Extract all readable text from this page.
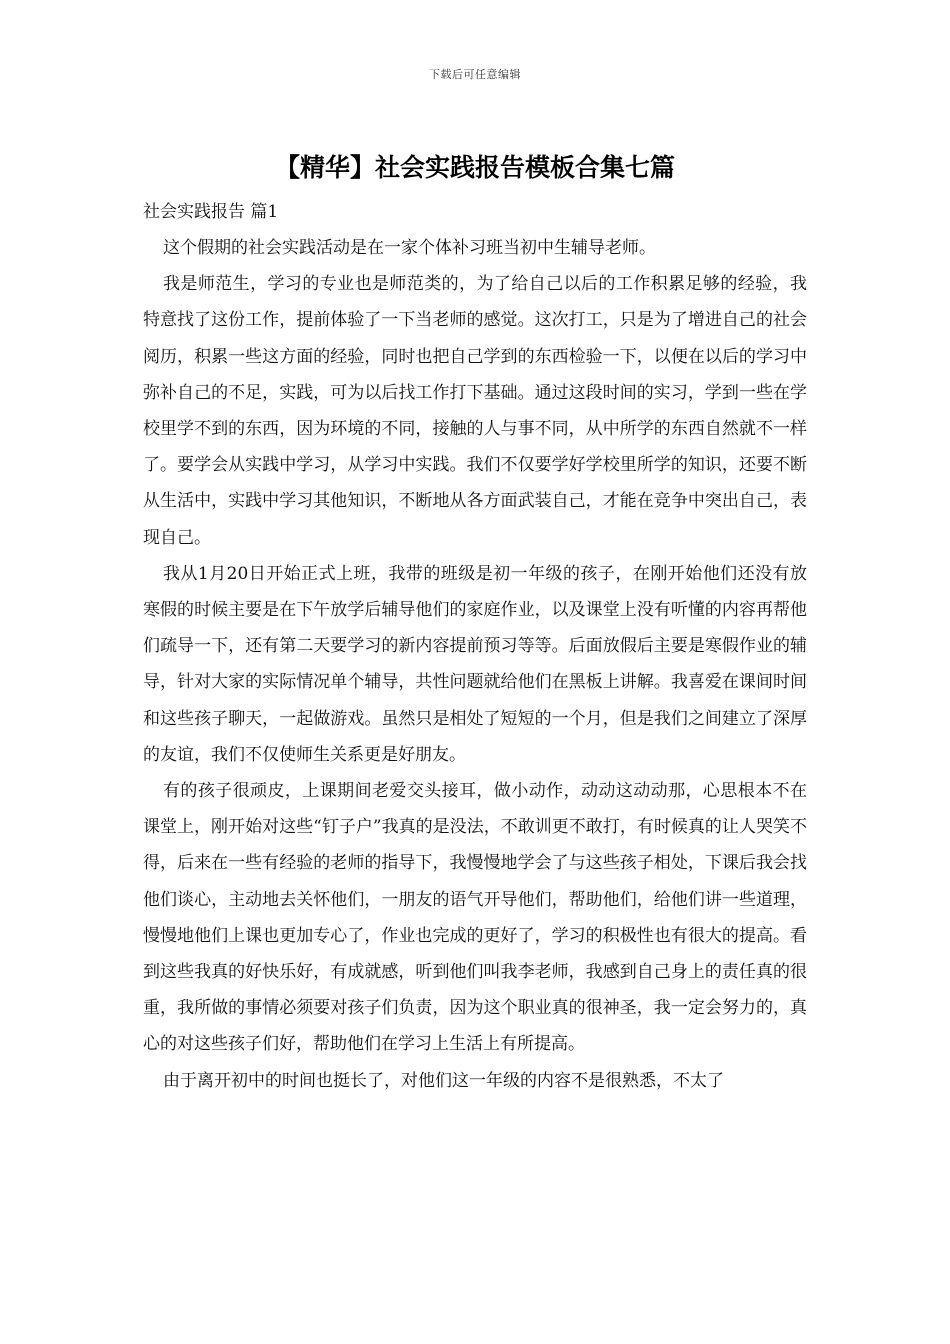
下载后可任意编辑
【精华】社会实践报告模板合集七篇

社会实践报告 篇1

这个假期的社会实践活动是在一家个体补习班当初中生辅导老师。

我是师范生，学习的专业也是师范类的，为了给自己以后的工作积累足够的经验，我特意找了这份工作，提前体验了一下当老师的感觉。这次打工，只是为了增进自己的社会阅历，积累一些这方面的经验，同时也把自己学到的东西检验一下，以便在以后的学习中弥补自己的不足，实践，可为以后找工作打下基础。通过这段时间的实习，学到一些在学校里学不到的东西，因为环境的不同，接触的人与事不同，从中所学的东西自然就不一样了。要学会从实践中学习，从学习中实践。我们不仅要学好学校里所学的知识，还要不断从生活中，实践中学习其他知识，不断地从各方面武装自己，才能在竞争中突出自己，表现自己。

我从1月20日开始正式上班，我带的班级是初一年级的孩子，在刚开始他们还没有放寒假的时候主要是在下午放学后辅导他们的家庭作业，以及课堂上没有听懂的内容再帮他们疏导一下，还有第二天要学习的新内容提前预习等等。后面放假后主要是寒假作业的辅导，针对大家的实际情况单个辅导，共性问题就给他们在黑板上讲解。我喜爱在课间时间和这些孩子聊天，一起做游戏。虽然只是相处了短短的一个月，但是我们之间建立了深厚的友谊，我们不仅使师生关系更是好朋友。

有的孩子很顽皮，上课期间老爱交头接耳，做小动作，动动这动动那，心思根本不在课堂上，刚开始对这些“钉子户”我真的是没法，不敢训更不敢打，有时候真的让人哭笑不得，后来在一些有经验的老师的指导下，我慢慢地学会了与这些孩子相处，下课后我会找他们谈心，主动地去关怀他们，一朋友的语气开导他们，帮助他们，给他们讲一些道理，慢慢地他们上课也更加专心了，作业也完成的更好了，学习的积极性也有很大的提高。看到这些我真的好快乐好，有成就感，听到他们叫我李老师，我感到自己身上的责任真的很重，我所做的事情必须要对孩子们负责，因为这个职业真的很神圣，我一定会努力的，真心的对这些孩子们好，帮助他们在学习上生活上有所提高。

由于离开初中的时间也挺长了，对他们这一年级的内容不是很熟悉，不太了
